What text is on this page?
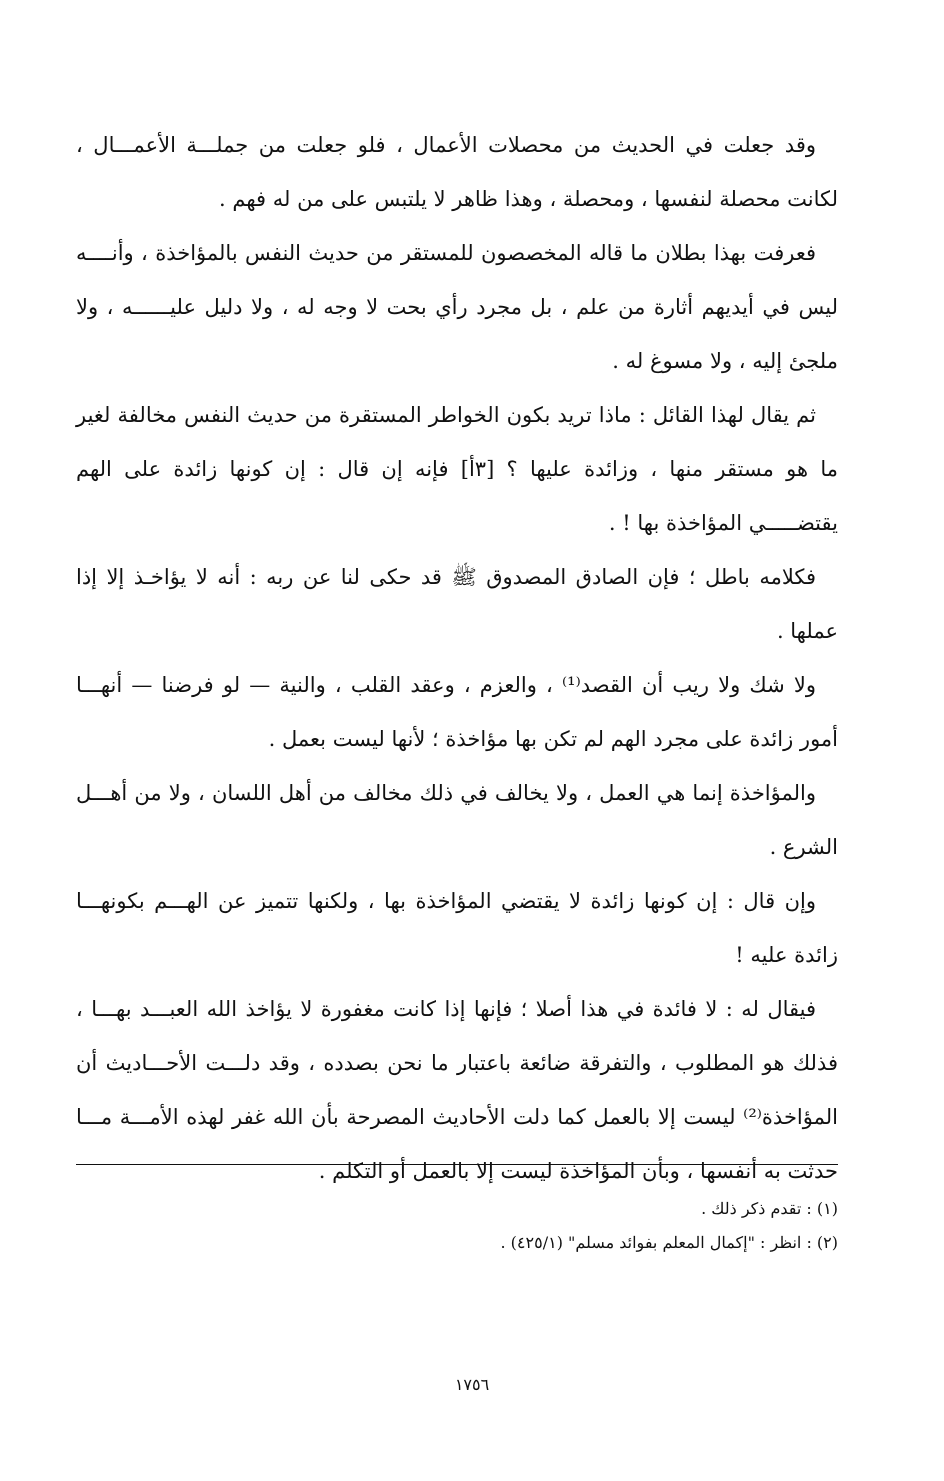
وقد جعلت في الحديث من محصلات الأعمال ، فلو جعلت من جملـــة الأعمـــال ، لكانت محصلة لنفسها ، ومحصلة ، وهذا ظاهر لا يلتبس على من له فهم .

فعرفت بهذا بطلان ما قاله المخصصون للمستقر من حديث النفس بالمؤاخذة ، وأنــــه ليس في أيديهم أثارة من علم ، بل مجرد رأي بحت لا وجه له ، ولا دليل عليــــــه ، ولا ملجئ إليه ، ولا مسوغ له .

ثم يقال لهذا القائل : ماذا تريد بكون الخواطر المستقرة من حديث النفس مخالفة لغير ما هو مستقر منها ، وزائدة عليها ؟ [٣أ] فإنه إن قال : إن كونها زائدة على الهم يقتضـــــي المؤاخذة بها ! .

فكلامه باطل ؛ فإن الصادق المصدوق ﷺ قد حكى لنا عن ربه : أنه لا يؤاخـذ إلا إذا عملها .

ولا شك ولا ريب أن القصد⁽¹⁾ ، والعزم ، وعقد القلب ، والنية — لو فرضنا — أنهـــا أمور زائدة على مجرد الهم لم تكن بها مؤاخذة ؛ لأنها ليست بعمل .

والمؤاخذة إنما هي العمل ، ولا يخالف في ذلك مخالف من أهل اللسان ، ولا من أهـــل الشرع .

وإن قال : إن كونها زائدة لا يقتضي المؤاخذة بها ، ولكنها تتميز عن الهـــم بكونهـــا زائدة عليه !

فيقال له : لا فائدة في هذا أصلا ؛ فإنها إذا كانت مغفورة لا يؤاخذ الله العبـــد بهـــا ، فذلك هو المطلوب ، والتفرقة ضائعة باعتبار ما نحن بصدده ، وقد دلـــت الأحـــاديث أن المؤاخذة⁽²⁾ ليست إلا بالعمل كما دلت الأحاديث المصرحة بأن الله غفر لهذه الأمـــة مـــا حدثت به أنفسها ، وبأن المؤاخذة ليست إلا بالعمل أو التكلم .

(١) : تقدم ذكر ذلك .

(٢) : انظر : "إكمال المعلم بفوائد مسلم" (٤٢٥/١) .

١٧٥٦
